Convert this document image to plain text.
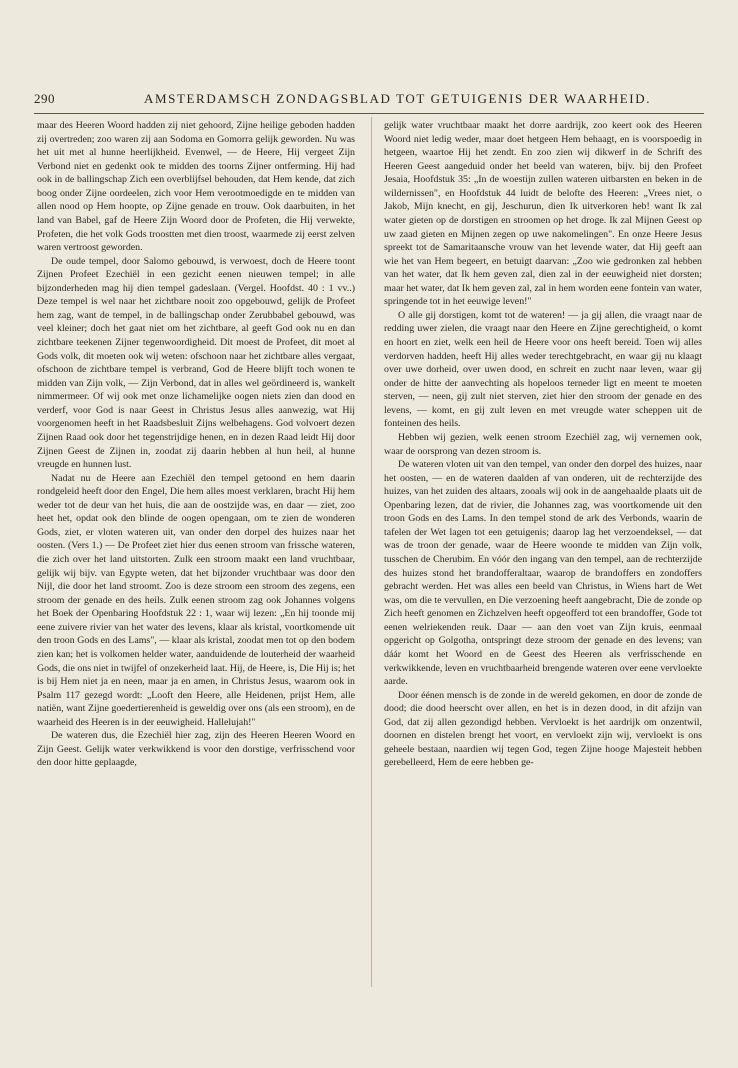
290	AMSTERDAMSCH ZONDAGSBLAD TOT GETUIGENIS DER WAARHEID.

maar des Heeren Woord hadden zij niet gehoord, Zijne heilige geboden hadden zij overtreden; zoo waren zij aan Sodoma en Gomorra gelijk geworden. Nu was het uit met al hunne heerlijkheid. Evenwel, — de Heere, Hij vergeet Zijn Verbond niet en gedenkt ook te midden des toorns Zijner ontferming. Hij had ook in de ballingschap Zich een overblijfsel behouden, dat Hem kende, dat zich boog onder Zijne oordeelen, zich voor Hem verootmoedigde en te midden van allen nood op Hem hoopte, op Zijne genade en trouw. Ook daarbuiten, in het land van Babel, gaf de Heere Zijn Woord door de Profeten, die Hij verwekte, Profeten, die het volk Gods troostten met dien troost, waarmede zij eerst zelven waren vertroost geworden.

De oude tempel, door Salomo gebouwd, is verwoest, doch de Heere toont Zijnen Profeet Ezechiël in een gezicht eenen nieuwen tempel; in alle bijzonderheden mag hij dien tempel gadeslaan. (Vergel. Hoofdst. 40 : 1 vv..) Deze tempel is wel naar het zichtbare nooit zoo opgebouwd, gelijk de Profeet hem zag, want de tempel, in de ballingschap onder Zerubbabel gebouwd, was veel kleiner; doch het gaat niet om het zichtbare, al geeft God ook nu en dan zichtbare teekenen Zijner tegenwoordigheid. Dit moest de Profeet, dit moet al Gods volk, dit moeten ook wij weten: ofschoon naar het zichtbare alles vergaat, ofschoon de zichtbare tempel is verbrand, God de Heere blijft toch wonen te midden van Zijn volk, — Zijn Verbond, dat in alles wel geördineerd is, wankelt nimmermeer. Of wij ook met onze lichamelijke oogen niets zien dan dood en verderf, voor God is naar Geest in Christus Jesus alles aanwezig, wat Hij voorgenomen heeft in het Raadsbesluit Zijns welbehagens. God volvoert dezen Zijnen Raad ook door het tegenstrijdige henen, en in dezen Raad leidt Hij door Zijnen Geest de Zijnen in, zoodat zij daarin hebben al hun heil, al hunne vreugde en hunnen lust.

Nadat nu de Heere aan Ezechiël den tempel getoond en hem daarin rondgeleid heeft door den Engel, Die hem alles moest verklaren, bracht Hij hem weder tot de deur van het huis, die aan de oostzijde was, en daar — ziet, zoo heet het, opdat ook den blinde de oogen opengaan, om te zien de wonderen Gods, ziet, er vloten wateren uit, van onder den dorpel des huizes naar het oosten. (Vers 1.) — De Profeet ziet hier dus eenen stroom van frissche wateren, die zich over het land uitstorten. Zulk een stroom maakt een land vruchtbaar, gelijk wij bijv. van Egypte weten, dat het bijzonder vruchtbaar was door den Nijl, die door het land stroomt. Zoo is deze stroom een stroom des zegens, een stroom der genade en des heils. Zulk eenen stroom zag ook Johannes volgens het Boek der Openbaring Hoofdstuk 22 : 1, waar wij lezen: „En hij toonde mij eene zuivere rivier van het water des levens, klaar als kristal, voortkomende uit den troon Gods en des Lams", — klaar als kristal, zoodat men tot op den bodem zien kan; het is volkomen helder water, aanduidende de louterheid der waarheid Gods, die ons niet in twijfel of onzekerheid laat. Hij, de Heere, is, Die Hij is; het is bij Hem niet ja en neen, maar ja en amen, in Christus Jesus, waarom ook in Psalm 117 gezegd wordt: „Looft den Heere, alle Heidenen, prijst Hem, alle natiën, want Zijne goedertierenheid is geweldig over ons (als een stroom), en de waarheid des Heeren is in der eeuwigheid. Hallelujah!"

De wateren dus, die Ezechiël hier zag, zijn des Heeren Heeren Woord en Zijn Geest. Gelijk water verkwikkend is voor den dorstige, verfrisschend voor den door hitte geplaagde,

gelijk water vruchtbaar maakt het dorre aardrijk, zoo keert ook des Heeren Woord niet ledig weder, maar doet hetgeen Hem behaagt, en is voorspoedig in hetgeen, waartoe Hij het zendt. En zoo zien wij dikwerf in de Schrift des Heeren Geest aangeduid onder het beeld van wateren, bijv. bij den Profeet Jesaia, Hoofdstuk 35: „In de woestijn zullen wateren uitbarsten en beken in de wildernissen", en Hoofdstuk 44 luidt de belofte des Heeren: „Vrees niet, o Jakob, Mijn knecht, en gij, Jeschurun, dien Ik uitverkoren heb! want Ik zal water gieten op de dorstigen en stroomen op het droge. Ik zal Mijnen Geest op uw zaad gieten en Mijnen zegen op uwe nakomelingen". En onze Heere Jesus spreekt tot de Samaritaansche vrouw van het levende water, dat Hij geeft aan wie het van Hem begeert, en betuigt daarvan: „Zoo wie gedronken zal hebben van het water, dat Ik hem geven zal, dien zal in der eeuwigheid niet dorsten; maar het water, dat Ik hem geven zal, zal in hem worden eene fontein van water, springende tot in het eeuwige leven!"

O alle gij dorstigen, komt tot de wateren! — ja gij allen, die vraagt naar de redding uwer zielen, die vraagt naar den Heere en Zijne gerechtigheid, o komt en hoort en ziet, welk een heil de Heere voor ons heeft bereid. Toen wij alles verdorven hadden, heeft Hij alles weder terechtgebracht, en waar gij nu klaagt over uwe dorheid, over uwen dood, en schreit en zucht naar leven, waar gij onder de hitte der aanvechting als hopeloos terneder ligt en meent te moeten sterven, — neen, gij zult niet sterven, ziet hier den stroom der genade en des levens, — komt, en gij zult leven en met vreugde water scheppen uit de fonteinen des heils.

Hebben wij gezien, welk eenen stroom Ezechiël zag, wij vernemen ook, waar de oorsprong van dezen stroom is.

De wateren vloten uit van den tempel, van onder den dorpel des huizes, naar het oosten, — en de wateren daalden af van onderen, uit de rechterzijde des huizes, van het zuiden des altaars, zooals wij ook in de aangehaalde plaats uit de Openbaring lezen, dat de rivier, die Johannes zag, was voortkomende uit den troon Gods en des Lams. In den tempel stond de ark des Verbonds, waarin de tafelen der Wet lagen tot een getuigenis; daarop lag het verzoendeksel, — dat was de troon der genade, waar de Heere woonde te midden van Zijn volk, tusschen de Cherubim. En vóór den ingang van den tempel, aan de rechterzijde des huizes stond het brandofferaltaar, waarop de brandoffers en zondoffers gebracht werden. Het was alles een beeld van Christus, in Wiens hart de Wet was, om die te vervullen, en Die verzoening heeft aangebracht, Die de zonde op Zich heeft genomen en Zichzelven heeft opgeofferd tot een brandoffer, Gode tot eenen welriekenden reuk. Daar — aan den voet van Zijn kruis, eenmaal opgericht op Golgotha, ontspringt deze stroom der genade en des levens; van dáár komt het Woord en de Geest des Heeren als verfrisschende en verkwikkende, leven en vruchtbaarheid brengende wateren over eene vervloekte aarde.

Door éénen mensch is de zonde in de wereld gekomen, en door de zonde de dood; die dood heerscht over allen, en het is in dezen dood, in dit afzijn van God, dat zij allen gezondigd hebben. Vervloekt is het aardrijk om onzentwil, doornen en distelen brengt het voort, en vervloekt zijn wij, vervloekt is ons geheele bestaan, naardien wij tegen God, tegen Zijne hooge Majesteit hebben gerebelleerd, Hem de eere hebben ge-
